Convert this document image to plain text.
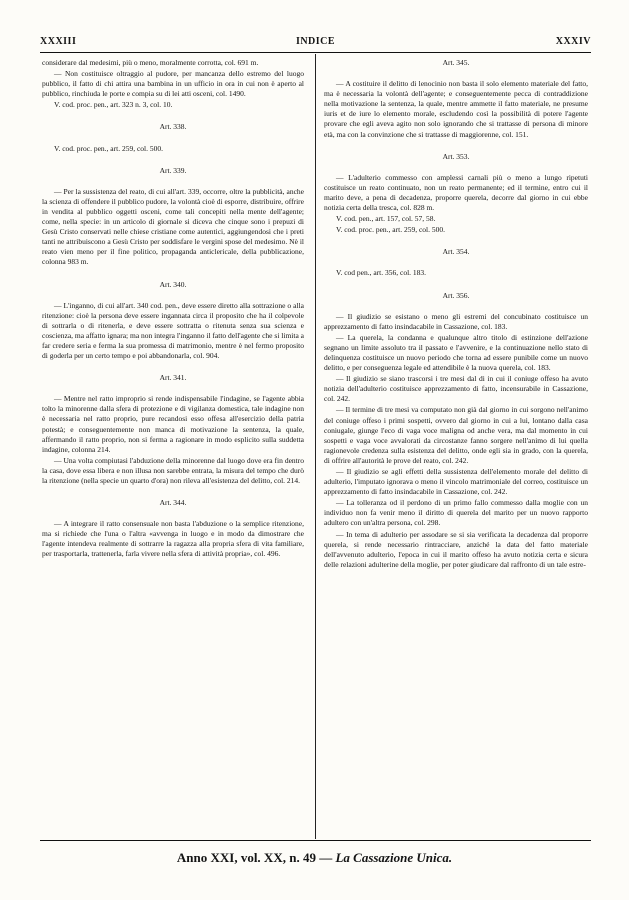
XXXIII	INDICE	XXXIV
considerare dal medesimi, più o meno, moralmente corrotta, col. 691 m.
— Non costituisce oltraggio al pudore, per mancanza dello estremo del luogo pubblico, il fatto di chi attira una bambina in un ufficio in ora in cui non è aperto al pubblico, rinchiuda le porte e compia su di lei atti osceni, col. 1490.
V. cod. proc. pen., art. 323 n. 3, col. 10.
Art. 338.
V. cod. proc. pen., art. 259, col. 500.
Art. 339.
— Per la sussistenza del reato, di cui all'art. 339, occorre, oltre la pubblicità, anche la scienza di offendere il pubblico pudore, la volontà cioè di esporre, distribuire, offrire in vendita al pubblico oggetti osceni, come tali concepiti nella mente dell'agente; come, nella specie: in un articolo di giornale si diceva che cinque sono i prepuzi di Gesù Cristo conservati nelle chiese cristiane come autentici, aggiungendosi che i preti tanti ne attribuiscono a Gesù Cristo per soddisfare le vergini spose del medesimo. Nè il reato vien meno per il fine politico, propaganda anticlericale, della pubblicazione, colonna 983 m.
Art. 340.
— L'inganno, di cui all'art. 340 cod. pen., deve essere diretto alla sottrazione o alla ritenzione: cioè la persona deve essere ingannata circa il proposito che ha il colpevole di sottrarla o di ritenerla, e deve essere sottratta o ritenuta senza sua scienza e coscienza, ma affatto ignara; ma non integra l'inganno il fatto dell'agente che si limita a far credere seria e ferma la sua promessa di matrimonio, mentre è nel fermo proposito di goderla per un certo tempo e poi abbandonarla, col. 904.
Art. 341.
— Mentre nel ratto improprio si rende indispensabile l'indagine, se l'agente abbia tolto la minorenne dalla sfera di protezione e di vigilanza domestica, tale indagine non è necessaria nel ratto proprio, pure recandosi esso offesa all'esercizio della patria potestà; e conseguentemente non manca di motivazione la sentenza, la quale, affermando il ratto proprio, non si ferma a ragionare in modo esplicito sulla suddetta indagine, colonna 214.
— Una volta compiutasi l'abduzione della minorenne dal luogo dove era fin dentro la casa, dove essa libera e non illusa non sarebbe entrata, la misura del tempo che durò la ritenzione (nella specie un quarto d'ora) non rileva all'esistenza del delitto, col. 214.
Art. 344.
— A integrare il ratto consensuale non basta l'abduzione o la semplice ritenzione, ma si richiede che l'una o l'altra «avvenga in luogo e in modo da dimostrare che l'agente intendeva realmente di sottrarre la ragazza alla propria sfera di vita familiare, per trasportarla, trattenerla, farla vivere nella sfera di attività propria», col. 496.
Art. 345.
— A costituire il delitto di lenocinio non basta il solo elemento materiale del fatto, ma è necessaria la volontà dell'agente; e conseguentemente pecca di contraddizione nella motivazione la sentenza, la quale, mentre ammette il fatto materiale, ne presume iuris et de iure lo elemento morale, escludendo così la possibilità di potere l'agente provare che egli aveva agito non solo ignorando che si trattasse di persona di minore età, ma con la convinzione che si trattasse di maggiorenne, col. 151.
Art. 353.
— L'adulterio commesso con amplessi carnali più o meno a lungo ripetuti costituisce un reato continuato, non un reato permanente; ed il termine, entro cui il marito deve, a pena di decadenza, proporre querela, decorre dal giorno in cui ebbe notizia certa della tresca, col. 828 m.
V. cod. pen., art. 157, col. 57, 58.
V. cod. proc. pen., art. 259, col. 500.
Art. 354.
V. cod pen., art. 356, col. 183.
Art. 356.
— Il giudizio se esistano o meno gli estremi del concubinato costituisce un apprezzamento di fatto insindacabile in Cassazione, col. 183.
— La querela, la condanna e qualunque altro titolo di estinzione dell'azione segnano un limite assoluto tra il passato e l'avvenire, e la continuazione nello stato di delinquenza costituisce un nuovo periodo che torna ad essere punibile come un nuovo delitto, e per conseguenza legale ed attendibile è la nuova querela, col. 183.
— Il giudizio se siano trascorsi i tre mesi dal di in cui il coniuge offeso ha avuto notizia dell'adulterio costituisce apprezzamento di fatto, incensurabile in Cassazione, col. 242.
— Il termine di tre mesi va computato non già dal giorno in cui sorgono nell'animo del coniuge offeso i primi sospetti, ovvero dal giorno in cui a lui, lontano dalla casa coniugale, giunge l'eco di vaga voce maligna od anche vera, ma dal momento in cui sospetti e vaga voce avvalorati da circostanze fanno sorgere nell'animo di lui quella ragionevole credenza sulla esistenza del delitto, onde egli sia in grado, con la querela, di offrire all'autorità le prove del reato, col. 242.
— Il giudizio se agli effetti della sussistenza dell'elemento morale del delitto di adulterio, l'imputato ignorava o meno il vincolo matrimoniale del correo, costituisce un apprezzamento di fatto insindacabile in Cassazione, col. 242.
— La tolleranza od il perdono di un primo fallo commesso dalla moglie con un individuo non fa venir meno il diritto di querela del marito per un nuovo rapporto adultero con un'altra persona, col. 298.
— In tema di adulterio per assodare se si sia verificata la decadenza dal proporre querela, si rende necessario rintracciare, anziché la data del fatto materiale dell'avvenuto adulterio, l'epoca in cui il marito offeso ha avuto notizia certa e sicura delle relazioni adulterine della moglie, per poter giudicare dal raffronto di un tale estre-
Anno XXI, vol. XX, n. 49 — La Cassazione Unica.
